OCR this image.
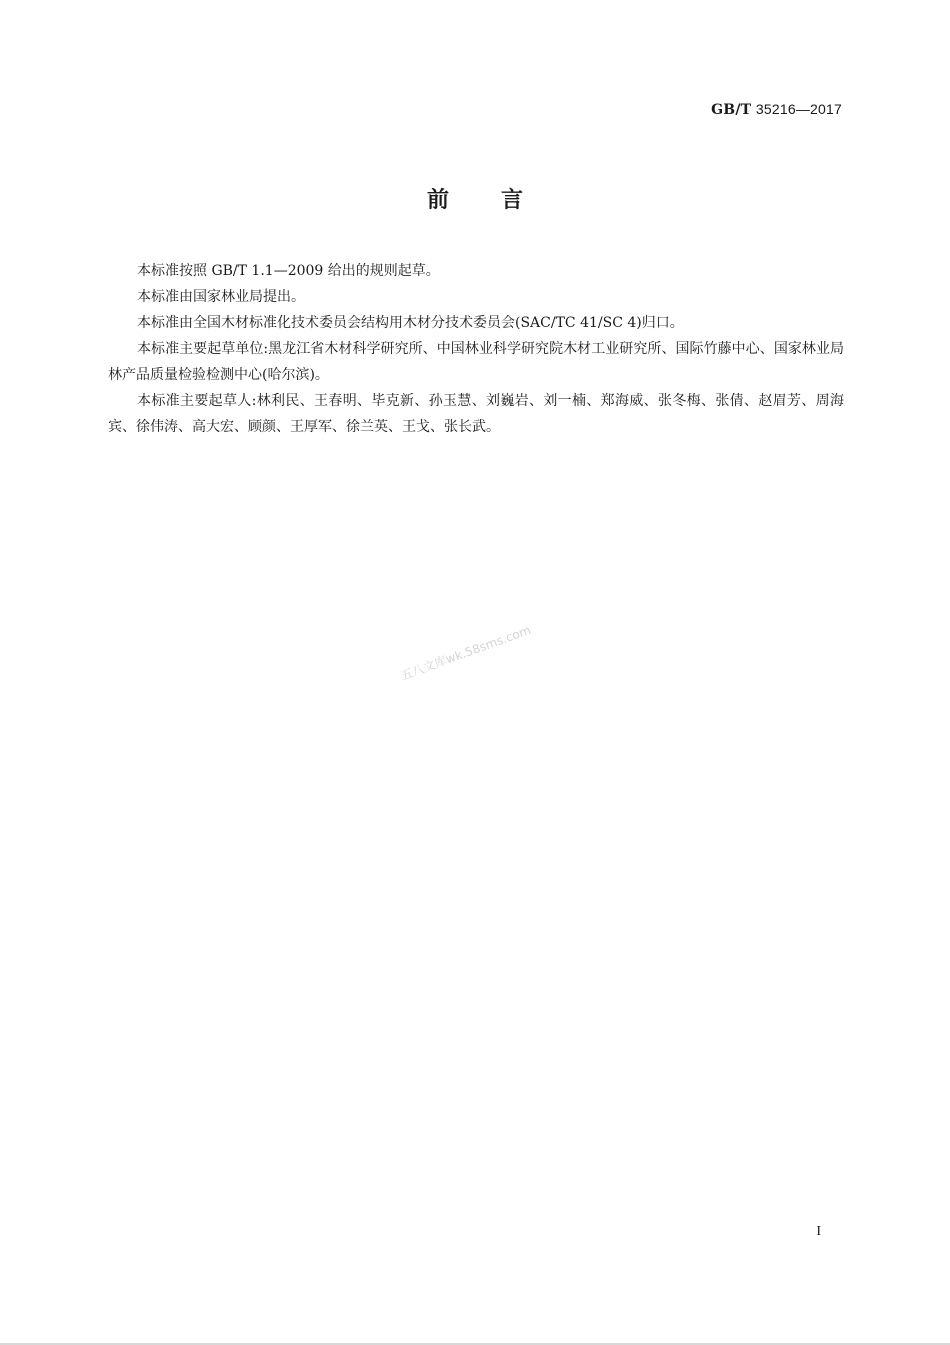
GB/T 35216—2017
前言

本标准按照 GB/T 1.1—2009 给出的规则起草。

本标准由国家林业局提出。

本标准由全国木材标准化技术委员会结构用木材分技术委员会(SAC/TC 41/SC 4)归口。

本标准主要起草单位:黑龙江省木材科学研究所、中国林业科学研究院木材工业研究所、国际竹藤中心、国家林业局林产品质量检验检测中心(哈尔滨)。

本标准主要起草人:林利民、王春明、毕克新、孙玉慧、刘巍岩、刘一楠、郑海威、张冬梅、张倩、赵眉芳、周海宾、徐伟涛、高大宏、顾颜、王厚军、徐兰英、王戈、张长武。

五八文库wk.58sms.com
I
